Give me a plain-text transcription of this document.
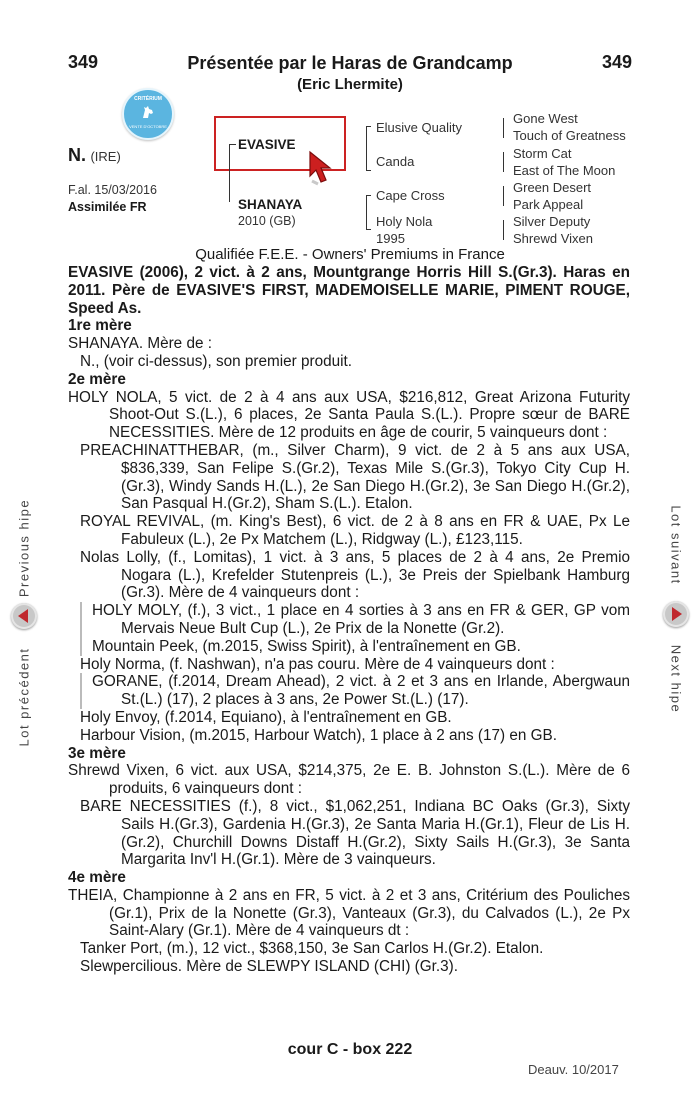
349	349
Présentée par le Haras de Grandcamp
(Eric Lhermite)
CRITÉRIUM
VENTE D'OCTOBRE
N. (IRE)
F.al. 15/03/2016
Assimilée FR
EVASIVE
SHANAYA
2010 (GB)
Elusive Quality
Canda
Cape Cross
Holy Nola
1995
Gone West
Touch of Greatness
Storm Cat
East of The Moon
Green Desert
Park Appeal
Silver Deputy
Shrewd Vixen
Qualifiée F.E.E. - Owners' Premiums in France

EVASIVE (2006), 2 vict. à 2 ans, Mountgrange Horris Hill S.(Gr.3). Haras en 2011. Père de EVASIVE'S FIRST, MADEMOISELLE MARIE, PIMENT ROUGE, Speed As.

1re mère

SHANAYA. Mère de :

N., (voir ci-dessus), son premier produit.

2e mère

HOLY NOLA, 5 vict. de 2 à 4 ans aux USA, $216,812, Great Arizona Futurity Shoot-Out S.(L.), 6 places, 2e Santa Paula S.(L.). Propre sœur de BARE NECESSITIES. Mère de 12 produits en âge de courir, 5 vainqueurs dont :

PREACHINATTHEBAR, (m., Silver Charm), 9 vict. de 2 à 5 ans aux USA, $836,339, San Felipe S.(Gr.2), Texas Mile S.(Gr.3), Tokyo City Cup H.(Gr.3), Windy Sands H.(L.), 2e San Diego H.(Gr.2), 3e San Diego H.(Gr.2), San Pasqual H.(Gr.2), Sham S.(L.). Etalon.

ROYAL REVIVAL, (m. King's Best), 6 vict. de 2 à 8 ans en FR & UAE, Px Le Fabuleux (L.), 2e Px Matchem (L.), Ridgway (L.), £123,115.

Nolas Lolly, (f., Lomitas), 1 vict. à 3 ans, 5 places de 2 à 4 ans, 2e Premio Nogara (L.), Krefelder Stutenpreis (L.), 3e Preis der Spielbank Hamburg (Gr.3). Mère de 4 vainqueurs dont :

HOLY MOLY, (f.), 3 vict., 1 place en 4 sorties à 3 ans en FR & GER, GP vom Mervais Neue Bult Cup (L.), 2e Prix de la Nonette (Gr.2).

Mountain Peek, (m.2015, Swiss Spirit), à l'entraînement en GB.

Holy Norma, (f. Nashwan), n'a pas couru. Mère de 4 vainqueurs dont :

GORANE, (f.2014, Dream Ahead), 2 vict. à 2 et 3 ans en Irlande, Abergwaun St.(L.) (17), 2 places à 3 ans, 2e Power St.(L.) (17).

Holy Envoy, (f.2014, Equiano), à l'entraînement en GB.

Harbour Vision, (m.2015, Harbour Watch), 1 place à 2 ans (17) en GB.

3e mère

Shrewd Vixen, 6 vict. aux USA, $214,375, 2e E. B. Johnston S.(L.). Mère de 6 produits, 6 vainqueurs dont :

BARE NECESSITIES (f.), 8 vict., $1,062,251, Indiana BC Oaks (Gr.3), Sixty Sails H.(Gr.3), Gardenia H.(Gr.3), 2e Santa Maria H.(Gr.1), Fleur de Lis H.(Gr.2), Churchill Downs Distaff H.(Gr.2), Sixty Sails H.(Gr.3), 3e Santa Margarita Inv'l H.(Gr.1). Mère de 3 vainqueurs.

4e mère

THEIA, Championne à 2 ans en FR, 5 vict. à 2 et 3 ans, Critérium des Pouliches (Gr.1), Prix de la Nonette (Gr.3), Vanteaux (Gr.3), du Calvados (L.), 2e Px Saint-Alary (Gr.1). Mère de 4 vainqueurs dt :

Tanker Port, (m.), 12 vict., $368,150, 3e San Carlos H.(Gr.2). Etalon.

Slewpercilious. Mère de SLEWPY ISLAND (CHI) (Gr.3).

Previous hipe
Lot précédent
Lot suivant
Next hipe
cour C - box 222
Deauv. 10/2017
